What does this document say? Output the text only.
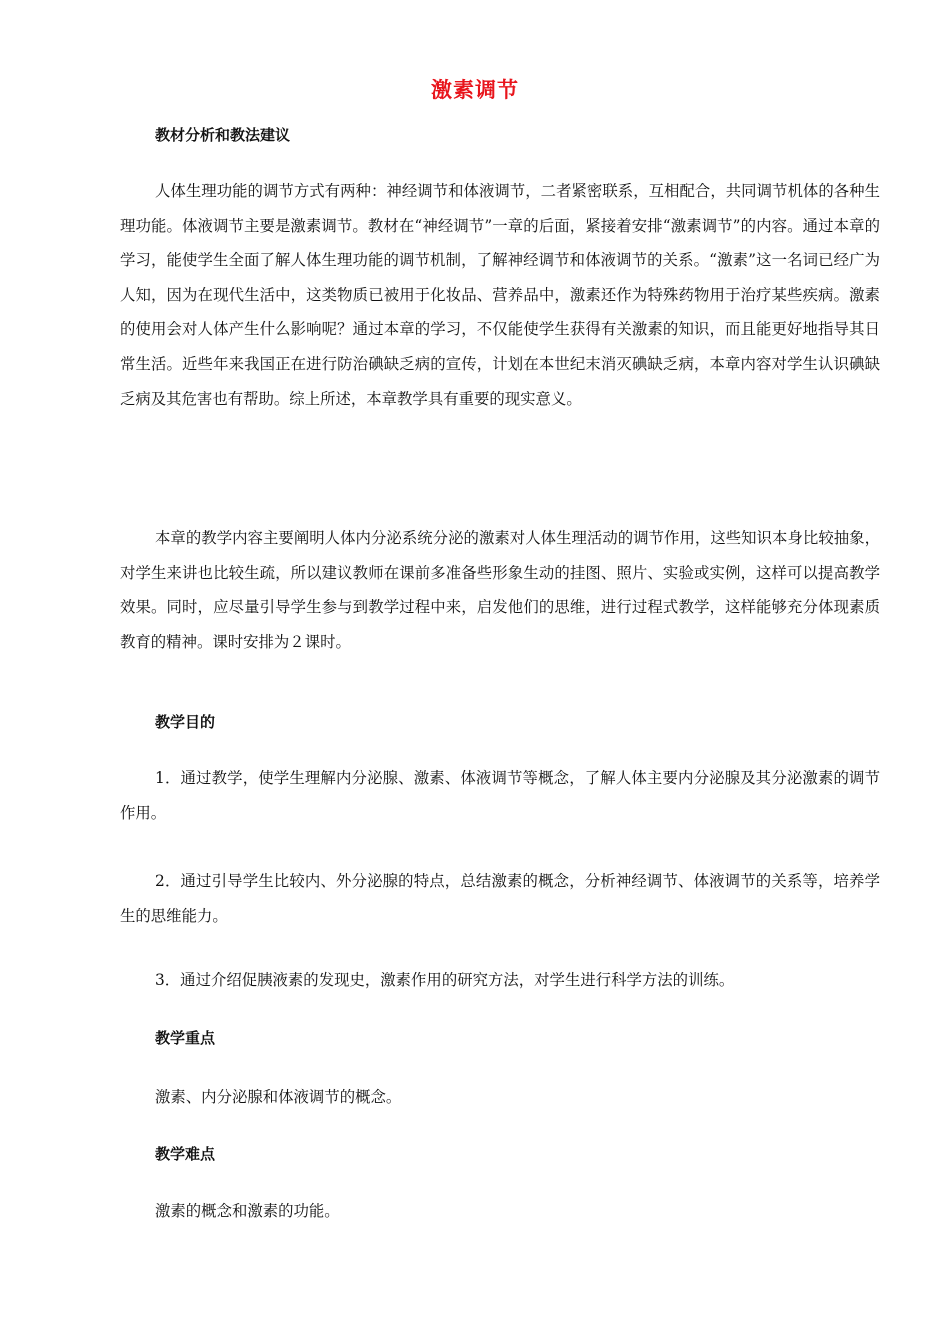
激素调节
教材分析和教法建议

人体生理功能的调节方式有两种：神经调节和体液调节，二者紧密联系，互相配合，共同调节机体的各种生理功能。体液调节主要是激素调节。教材在“神经调节”一章的后面，紧接着安排“激素调节”的内容。通过本章的学习，能使学生全面了解人体生理功能的调节机制，了解神经调节和体液调节的关系。“激素”这一名词已经广为人知，因为在现代生活中，这类物质已被用于化妆品、营养品中，激素还作为特殊药物用于治疗某些疾病。激素的使用会对人体产生什么影响呢？通过本章的学习，不仅能使学生获得有关激素的知识，而且能更好地指导其日常生活。近些年来我国正在进行防治碘缺乏病的宣传，计划在本世纪末消灭碘缺乏病，本章内容对学生认识碘缺乏病及其危害也有帮助。综上所述，本章教学具有重要的现实意义。

本章的教学内容主要阐明人体内分泌系统分泌的激素对人体生理活动的调节作用，这些知识本身比较抽象，对学生来讲也比较生疏，所以建议教师在课前多准备些形象生动的挂图、照片、实验或实例，这样可以提高教学效果。同时，应尽量引导学生参与到教学过程中来，启发他们的思维，进行过程式教学，这样能够充分体现素质教育的精神。课时安排为２课时。

教学目的

1．通过教学，使学生理解内分泌腺、激素、体液调节等概念，了解人体主要内分泌腺及其分泌激素的调节作用。

2．通过引导学生比较内、外分泌腺的特点，总结激素的概念，分析神经调节、体液调节的关系等，培养学生的思维能力。

3．通过介绍促胰液素的发现史，激素作用的研究方法，对学生进行科学方法的训练。

教学重点

激素、内分泌腺和体液调节的概念。

教学难点

激素的概念和激素的功能。
